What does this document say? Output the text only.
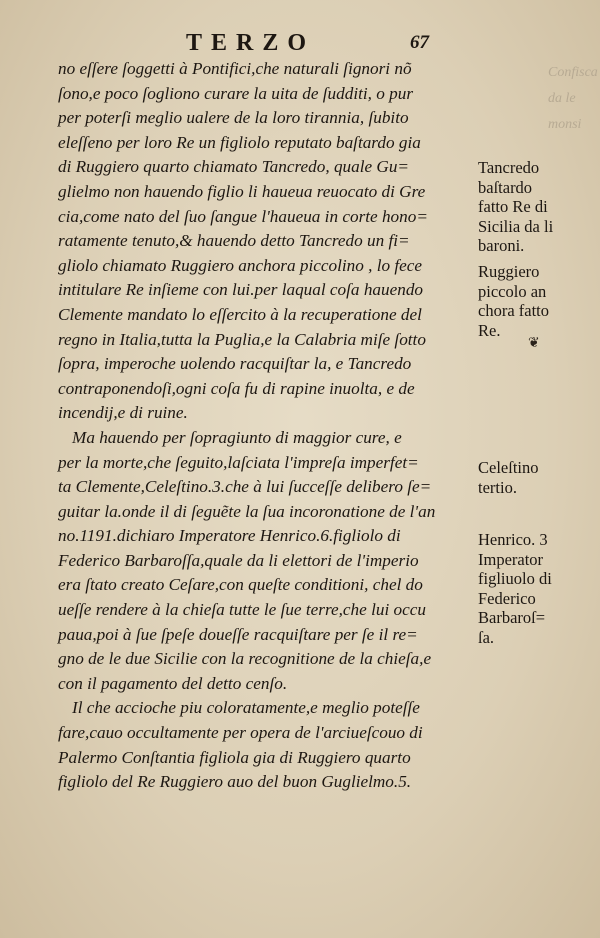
Confisca
da le
monsi
TERZO	67
no eſſere ſoggetti à Pontifici,che naturali ſignori nõ
ſono,e poco ſogliono curare la uita de ſudditi, o pur
per poterſi meglio ualere de la loro tirannia, ſubito
eleſſeno per loro Re un figliolo reputato baſtardo gia
di Ruggiero quarto chiamato Tancredo, quale Gu=
glielmo non hauendo figlio li haueua reuocato di Gre
cia,come nato del ſuo ſangue l'haueua in corte hono=
ratamente tenuto,& hauendo detto Tancredo un fi=
gliolo chiamato Ruggiero anchora piccolino , lo fece
intitulare Re inſieme con lui.per laqual coſa hauendo
Clemente mandato lo eſſercito à la recuperatione del
regno in Italia,tutta la Puglia,e la Calabria miſe ſotto
ſopra, imperoche uolendo racquiſtar la, e Tancredo
contraponendoſi,ogni coſa fu di rapine inuolta, e de
incendij,e di ruine.
Ma hauendo per ſopragiunto di maggior cure, e
per la morte,che ſeguito,laſciata l'impreſa imperfet=
ta Clemente,Celeſtino.3.che à lui ſucceſſe delibero ſe=
guitar la.onde il di ſeguẽte la ſua incoronatione de l'an
no.1191.dichiaro Imperatore Henrico.6.figliolo di
Federico Barbaroſſa,quale da li elettori de l'imperio
era ſtato creato Ceſare,con queſte conditioni, chel do
ueſſe rendere à la chieſa tutte le ſue terre,che lui occu
paua,poi à ſue ſpeſe doueſſe racquiſtare per ſe il re=
gno de le due Sicilie con la recognitione de la chieſa,e
con il pagamento del detto cenſo.
Il che accioche piu coloratamente,e meglio poteſſe
fare,cauo occultamente per opera de l'arciueſcouo di
Palermo Conſtantia figliola gia di Ruggiero quarto
figliolo del Re Ruggiero auo del buon Guglielmo.5.
Tancredo
baſtardo
fatto Re di
Sicilia da li
baroni.
Ruggiero
piccolo an
chora fatto
Re.
❦
Celeſtino
tertio.
Henrico. 3
Imperator
figliuolo di
Federico
Barbaroſ=
ſa.
